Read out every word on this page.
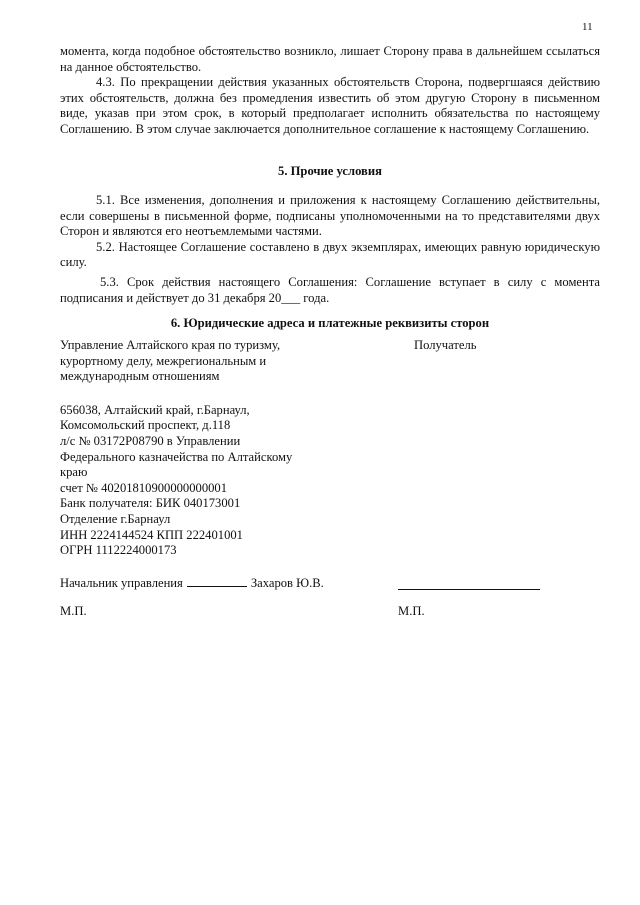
11

момента, когда подобное обстоятельство возникло, лишает Сторону права в дальнейшем ссылаться на данное обстоятельство.

4.3. По прекращении действия указанных обстоятельств Сторона, подвергшаяся действию этих обстоятельств, должна без промедления известить об этом другую Сторону в письменном виде, указав при этом срок, в который предполагает исполнить обязательства по настоящему Соглашению. В этом случае заключается дополнительное соглашение к настоящему Соглашению.

5. Прочие условия

5.1. Все изменения, дополнения и приложения к настоящему Соглашению действительны, если совершены в письменной форме, подписаны уполномоченными на то представителями двух Сторон и являются его неотъемлемыми частями.

5.2. Настоящее Соглашение составлено в двух экземплярах, имеющих равную юридическую силу.

5.3. Срок действия настоящего Соглашения: Соглашение вступает в силу с момента подписания и действует до 31 декабря 20___ года.

6. Юридические адреса и платежные реквизиты сторон

Управление Алтайского края по туризму,
курортному делу, межрегиональным и
международным отношениям
656038, Алтайский край, г.Барнаул,
Комсомольский проспект, д.118
л/с № 03172Р08790 в Управлении
Федерального казначейства по Алтайскому
краю
счет № 40201810900000000001
Банк получателя: БИК 040173001
Отделение г.Барнаул
ИНН 2224144524 КПП 222401001
ОГРН 1112224000173
Получатель
Начальник управления	Захаров Ю.В.
М.П.	М.П.
